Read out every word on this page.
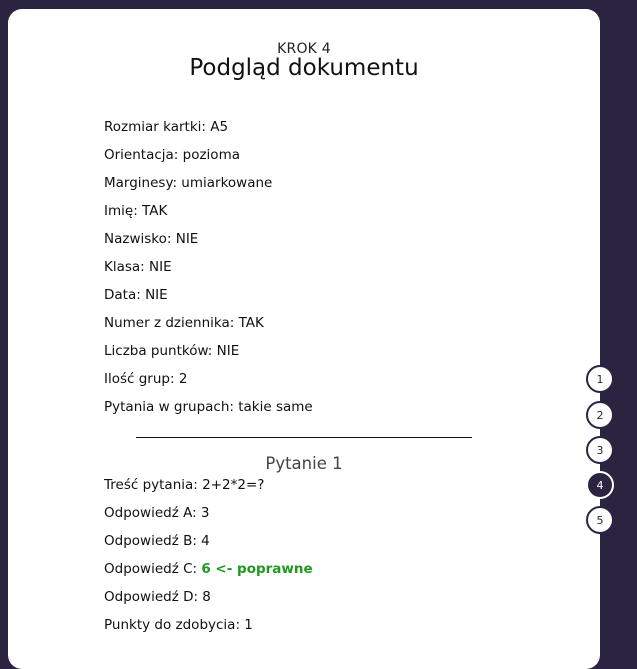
KROK 4
Podgląd dokumentu
Rozmiar kartki: A5
Orientacja: pozioma
Marginesy: umiarkowane
Imię: TAK
Nazwisko: NIE
Klasa: NIE
Data: NIE
Numer z dziennika: TAK
Liczba puntków: NIE
Ilość grup: 2
Pytania w grupach: takie same
Pytanie 1
Treść pytania: 2+2*2=?
Odpowiedź A: 3
Odpowiedź B: 4
Odpowiedź C: 6 <- poprawne
Odpowiedź D: 8
Punkty do zdobycia: 1
1
2
3
4
5
